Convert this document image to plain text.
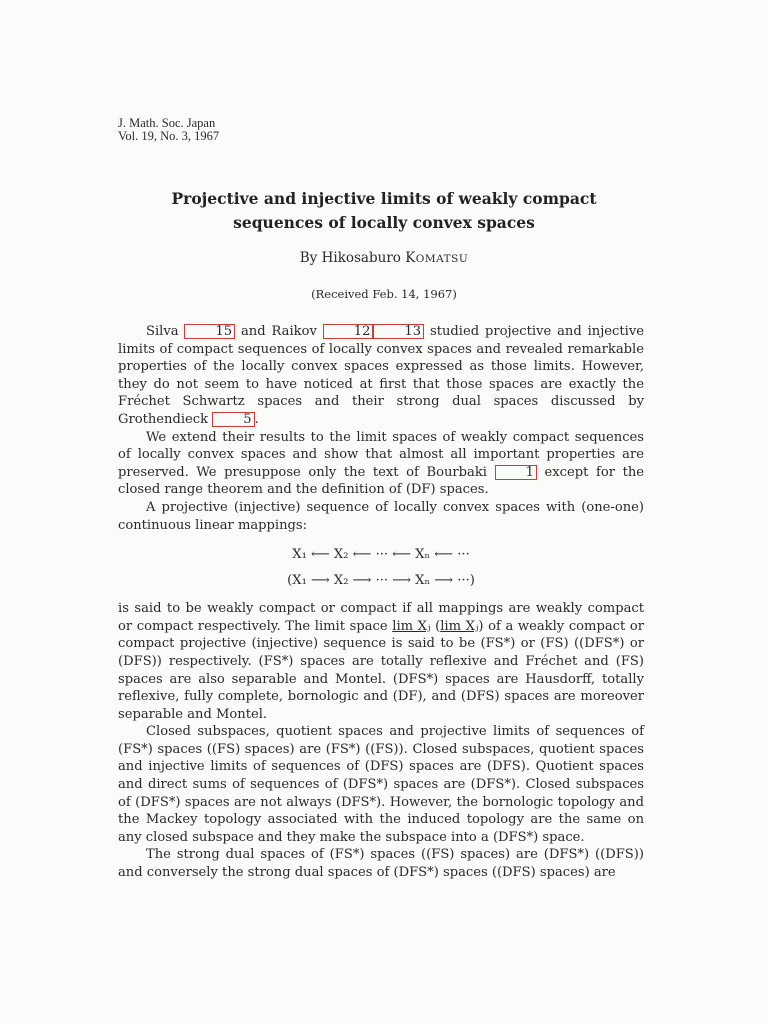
J. Math. Soc. Japan
Vol. 19, No. 3, 1967
Projective and injective limits of weakly compact
sequences of locally convex spaces
By Hikosaburo KOMATSU
(Received Feb. 14, 1967)

Silva 15 and Raikov 12	13 studied projective and injective limits of compact sequences of locally convex spaces and revealed remarkable properties of the locally convex spaces expressed as those limits. However, they do not seem to have noticed at first that those spaces are exactly the Fréchet Schwartz spaces and their strong dual spaces discussed by Grothendieck 5 .

We extend their results to the limit spaces of weakly compact sequences of locally convex spaces and show that almost all important properties are preserved. We presuppose only the text of Bourbaki 1 except for the closed range theorem and the definition of (DF) spaces.

A projective (injective) sequence of locally convex spaces with (one-one) continuous linear mappings:

X₁ ⟵ X₂ ⟵ ··· ⟵ Xₙ ⟵ ···
(X₁ ⟶ X₂ ⟶ ··· ⟶ Xₙ ⟶ ···)

is said to be weakly compact or compact if all mappings are weakly compact or compact respectively. The limit space lim Xⱼ (lim Xⱼ) of a weakly compact or compact projective (injective) sequence is said to be (FS*) or (FS) ((DFS*) or (DFS)) respectively. (FS*) spaces are totally reflexive and Fréchet and (FS) spaces are also separable and Montel. (DFS*) spaces are Hausdorff, totally reflexive, fully complete, bornologic and (DF), and (DFS) spaces are moreover separable and Montel.

Closed subspaces, quotient spaces and projective limits of sequences of (FS*) spaces ((FS) spaces) are (FS*) ((FS)). Closed subspaces, quotient spaces and injective limits of sequences of (DFS) spaces are (DFS). Quotient spaces and direct sums of sequences of (DFS*) spaces are (DFS*). Closed subspaces of (DFS*) spaces are not always (DFS*). However, the bornologic topology and the Mackey topology associated with the induced topology are the same on any closed subspace and they make the subspace into a (DFS*) space.

The strong dual spaces of (FS*) spaces ((FS) spaces) are (DFS*) ((DFS)) and conversely the strong dual spaces of (DFS*) spaces ((DFS) spaces) are
